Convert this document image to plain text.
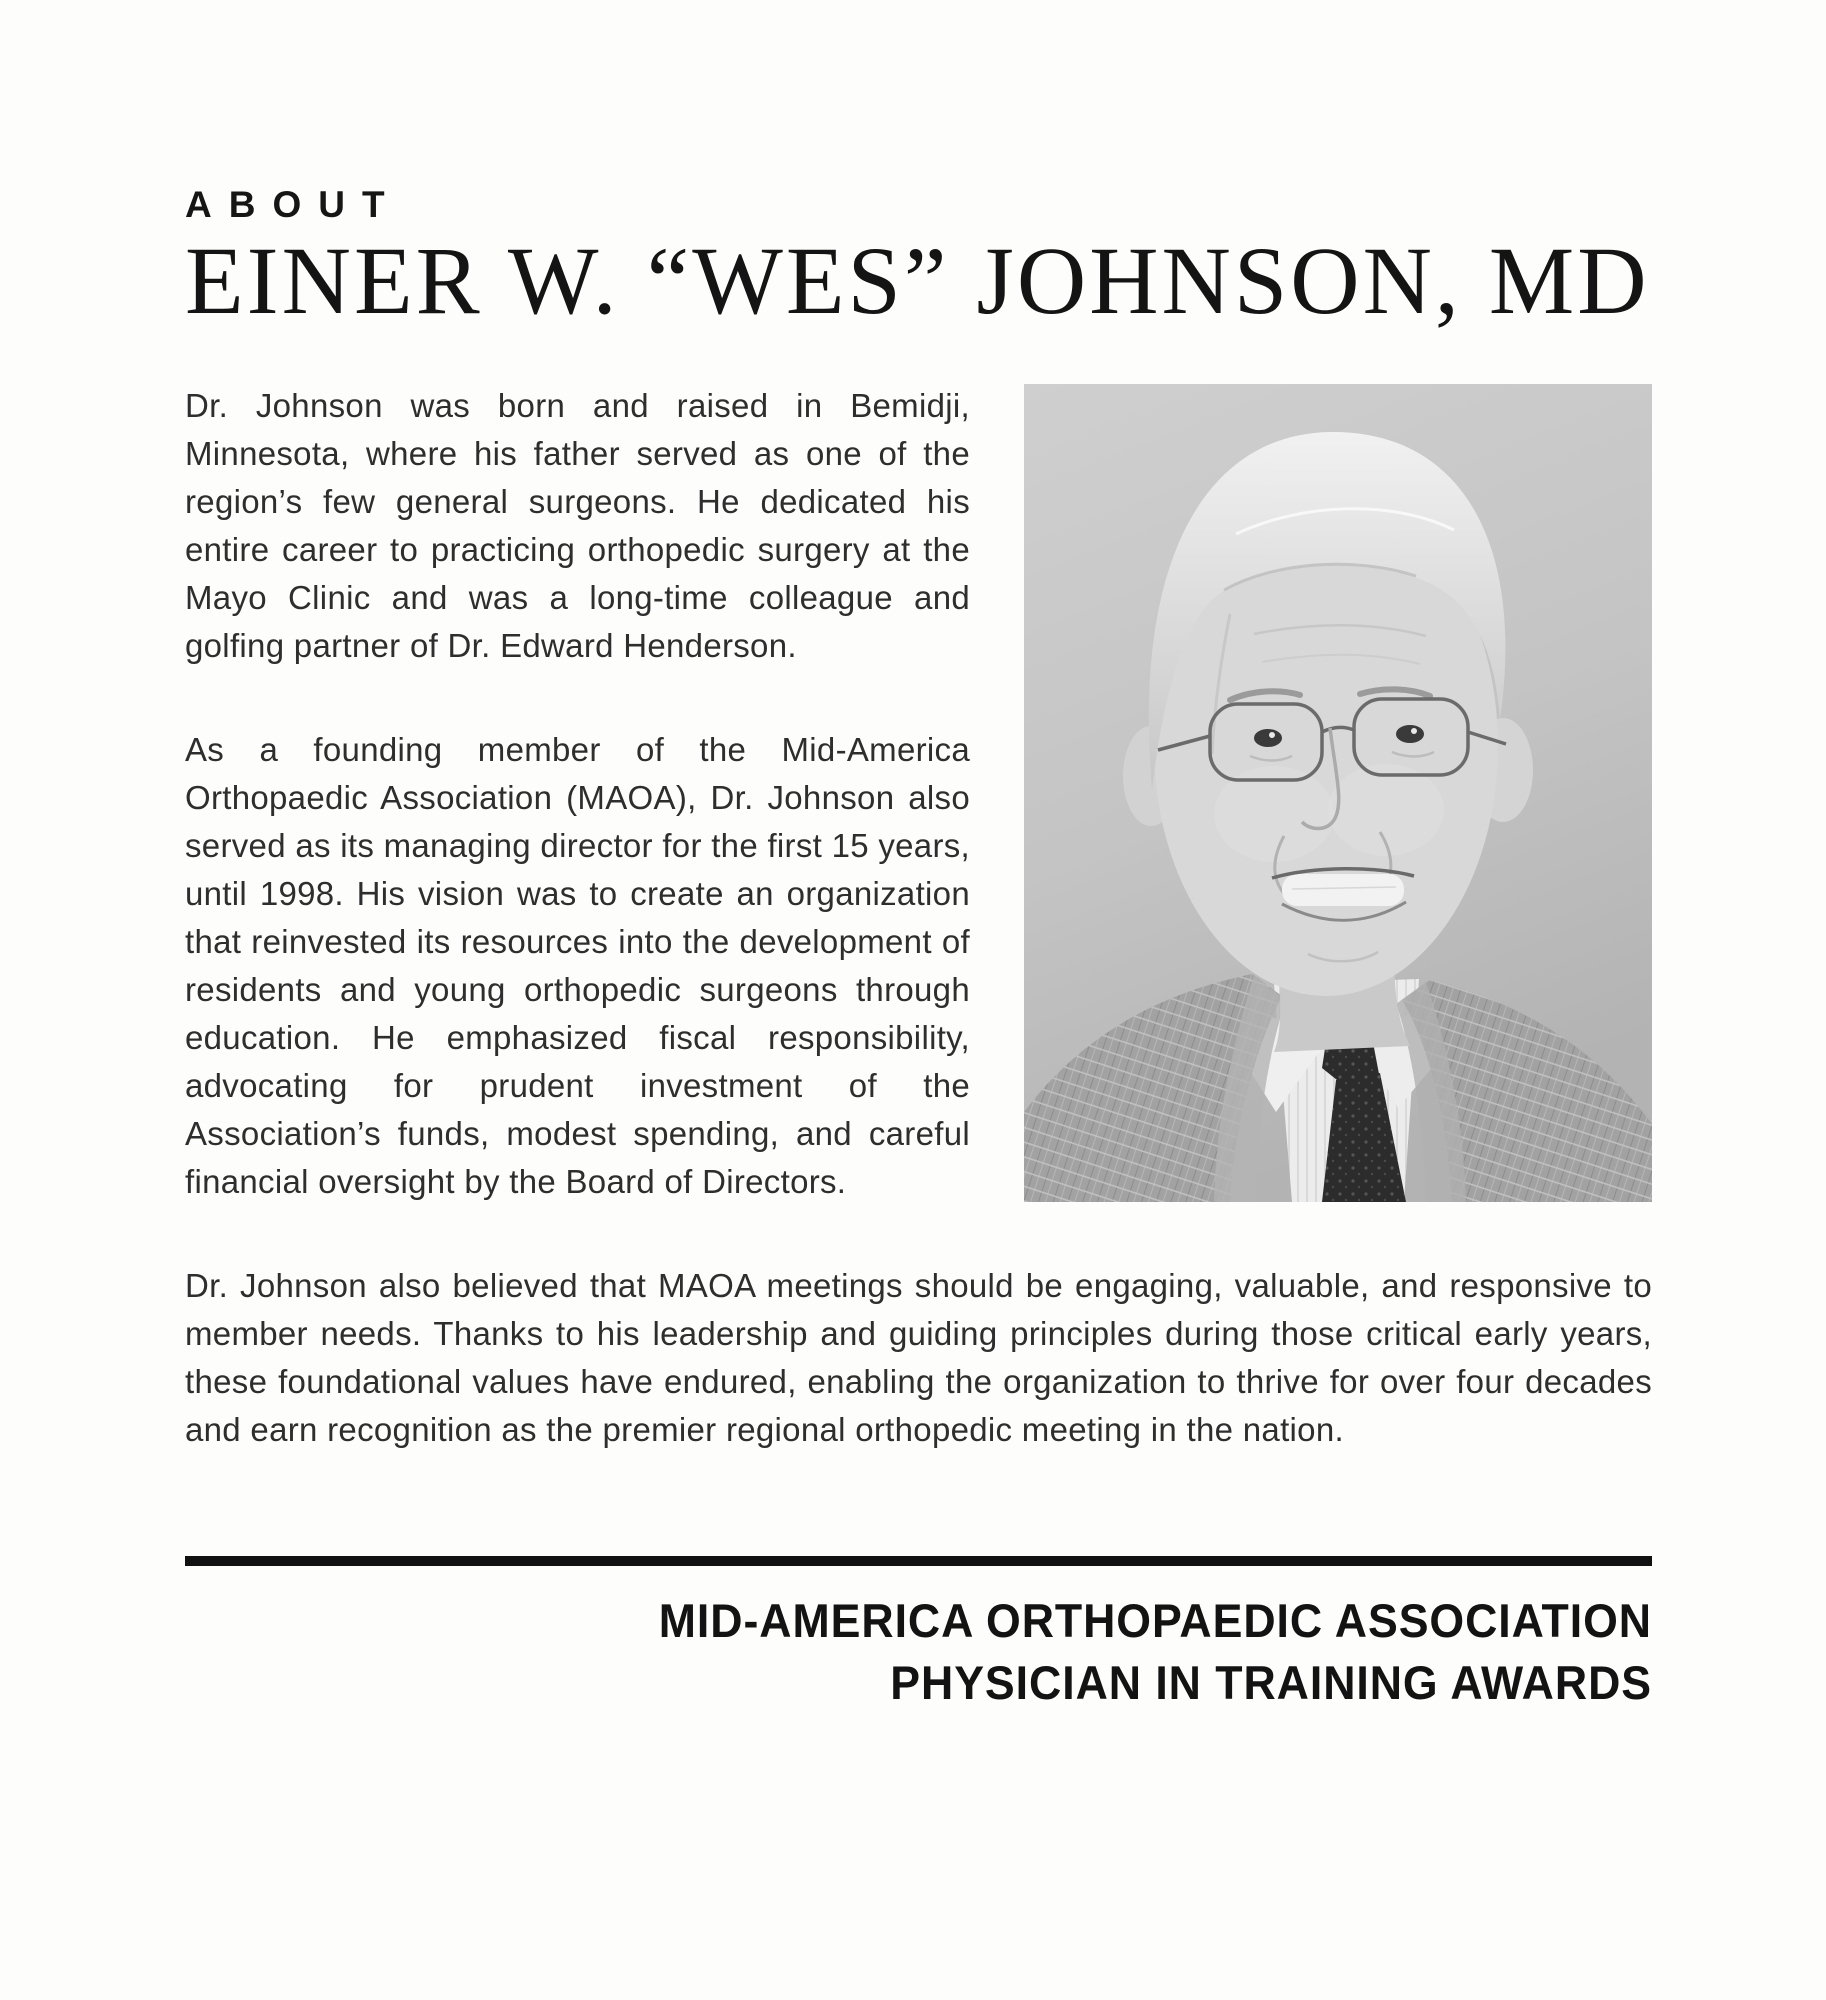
ABOUT
EINER W. “WES” JOHNSON, MD

Dr. Johnson was born and raised in Bemidji, Minnesota, where his father served as one of the region’s few general surgeons. He dedicated his entire career to practicing orthopedic surgery at the Mayo Clinic and was a long-time colleague and golfing partner of Dr. Edward Henderson.

As a founding member of the Mid-America Orthopaedic Association (MAOA), Dr. Johnson also served as its managing director for the first 15 years, until 1998. His vision was to create an organization that reinvested its resources into the development of residents and young orthopedic surgeons through education. He emphasized fiscal responsibility, advocating for prudent investment of the Association’s funds, modest spending, and careful financial oversight by the Board of Directors.

Dr. Johnson also believed that MAOA meetings should be engaging, valuable, and responsive to member needs. Thanks to his leadership and guiding principles during those critical early years, these foundational values have endured, enabling the organization to thrive for over four decades and earn recognition as the premier regional orthopedic meeting in the nation.

MID-AMERICA ORTHOPAEDIC ASSOCIATION
PHYSICIAN IN TRAINING AWARDS
